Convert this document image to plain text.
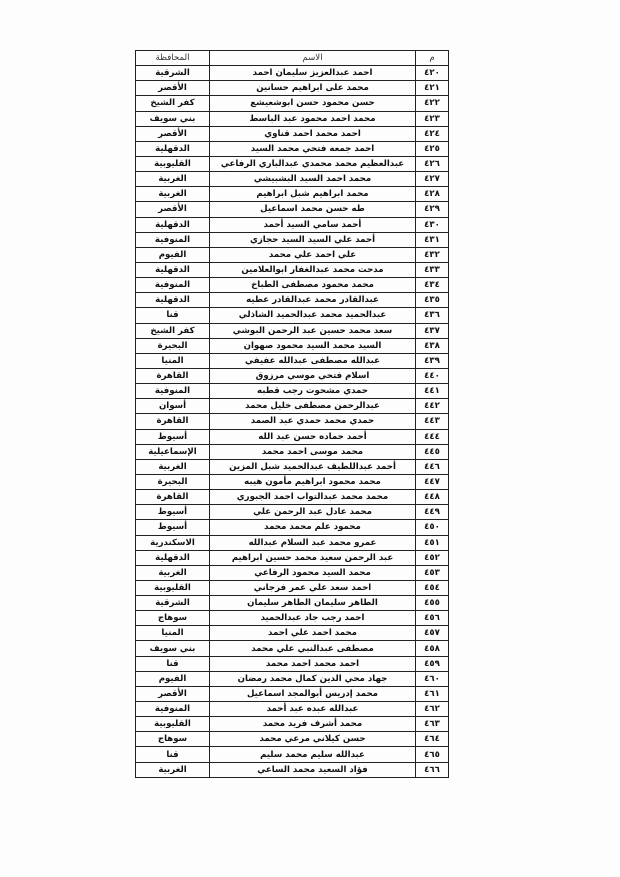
المحافظة	الاسم	م
الشرقية	احمد عبدالعزيز سليمان احمد	٤٢٠
الأقصر	محمد على ابراهيم حسانين	٤٢١
كفر الشيخ	حسن محمود حسن ابوشعيشع	٤٢٢
بني سويف	محمد احمد محمود عبد الباسط	٤٢٣
الأقصر	احمد محمد احمد قناوي	٤٢٤
الدقهلية	احمد جمعه فتحي محمد السيد	٤٢٥
القليوبية	عبدالعظيم محمد محمدي عبدالباري الرفاعي	٤٢٦
الغربية	محمد احمد السيد البشبيشي	٤٢٧
الغربية	محمد ابراهيم شبل ابراهيم	٤٢٨
الأقصر	طه حسن محمد اسماعيل	٤٢٩
الدقهلية	أحمد سامي السيد أحمد	٤٣٠
المنوفية	أحمد علي السيد السيد حجازي	٤٣١
الفيوم	علي احمد علي محمد	٤٣٢
الدقهلية	مدحت محمد عبدالغفار ابوالعلامين	٤٣٣
المنوفية	محمد محمود مصطفى الطباخ	٤٣٤
الدقهلية	عبدالقادر محمد عبدالقادر عطيه	٤٣٥
قنا	عبدالحميد محمد عبدالحميد الشاذلي	٤٣٦
كفر الشيخ	سعد محمد حسين عبد الرحمن البوشي	٤٣٧
البحيرة	السيد محمد السيد محمود صهوان	٤٣٨
المنيا	عبدالله مصطفى عبدالله عفيفي	٤٣٩
القاهرة	اسلام فتحي موسي مرزوق	٤٤٠
المنوفية	حمدي مشحوت رجب قطبه	٤٤١
أسوان	عبدالرحمن مصطفى خليل محمد	٤٤٢
القاهرة	حمدي محمد حمدي عبد الصمد	٤٤٣
أسيوط	أحمد حماده حسن عبد الله	٤٤٤
الإسماعيلية	محمد موسى احمد محمد	٤٤٥
الغربية	أحمد عبداللطيف عبدالحميد شبل المزين	٤٤٦
البحيرة	محمد محمود ابراهيم مأمون هيبه	٤٤٧
القاهرة	محمد محمد عبدالتواب احمد الجبوري	٤٤٨
أسيوط	محمد عادل عبد الرحمن علي	٤٤٩
أسيوط	محمود علم محمد محمد	٤٥٠
الاسكندرية	عمرو محمد عبد السلام عبدالله	٤٥١
الدقهلية	عبد الرحمن سعيد محمد حسين ابراهيم	٤٥٢
الغربية	محمد السيد محمود الرفاعي	٤٥٣
القليوبية	احمد سعد علي عمر فرجاني	٤٥٤
الشرقية	الطاهر سليمان الطاهر سليمان	٤٥٥
سوهاج	احمد رجب جاد عبدالحميد	٤٥٦
المنيا	محمد احمد علي احمد	٤٥٧
بني سويف	مصطفى عبدالنبي علي محمد	٤٥٨
قنا	احمد محمد احمد محمد	٤٥٩
الفيوم	جهاد محي الدين كمال محمد رمضان	٤٦٠
الأقصر	محمد إدريس أبوالمجد اسماعيل	٤٦١
المنوفية	عبدالله عبده عبد أحمد	٤٦٢
القليوبية	محمد أشرف فريد محمد	٤٦٣
سوهاج	حسن كيلاني مرعي محمد	٤٦٤
قنا	عبدالله سليم محمد سليم	٤٦٥
الغربية	فؤاد السعيد محمد الساعي	٤٦٦
